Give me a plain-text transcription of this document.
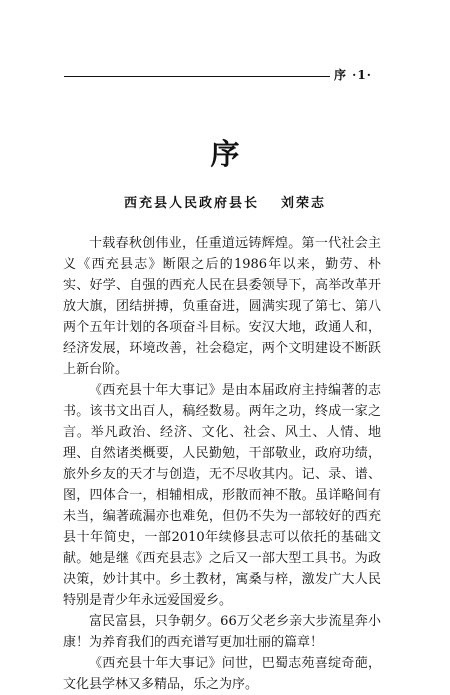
序 ·1·
序
西充县人民政府县长 刘荣志

十载春秋创伟业，任重道远铸辉煌。第一代社会主义《西充县志》断限之后的1986年以来，勤劳、朴实、好学、自强的西充人民在县委领导下，高举改革开放大旗，团结拼搏，负重奋进，圆满实现了第七、第八两个五年计划的各项奋斗目标。安汉大地，政通人和，经济发展，环境改善，社会稳定，两个文明建设不断跃上新台阶。

《西充县十年大事记》是由本届政府主持编著的志书。该书文出百人，稿经数易。两年之功，终成一家之言。举凡政治、经济、文化、社会、风土、人情、地理、自然诸类概要，人民勤勉，干部敬业，政府功绩，旅外乡友的天才与创造，无不尽收其内。记、录、谱、图，四体合一，相辅相成，形散而神不散。虽详略间有未当，编著疏漏亦也难免，但仍不失为一部较好的西充县十年简史，一部2010年续修县志可以依托的基础文献。她是继《西充县志》之后又一部大型工具书。为政决策，妙计其中。乡土教材，寓桑与梓，激发广大人民特别是青少年永远爱国爱乡。

富民富县，只争朝夕。66万父老乡亲大步流星奔小康！为养育我们的西充谱写更加壮丽的篇章！

《西充县十年大事记》问世，巴蜀志苑喜绽奇葩，文化县学林又多精品，乐之为序。
